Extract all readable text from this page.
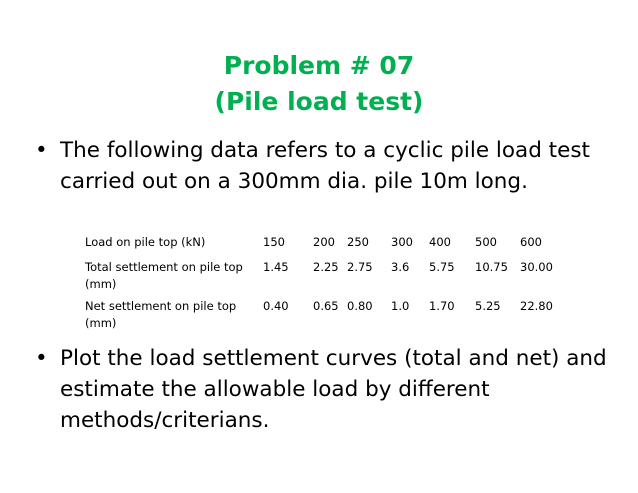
Problem # 07
(Pile load test)
• The following data refers to a cyclic pile load test carried out on a 300mm dia. pile 10m long.
Load on pile top (kN)	150	200	250	300	400	500	600
Total settlement on pile top (mm)	1.45	2.25	2.75	3.6	5.75	10.75	30.00
Net settlement on pile top (mm)	0.40	0.65	0.80	1.0	1.70	5.25	22.80
• Plot the load settlement curves (total and net) and estimate the allowable load by different methods/criterians.
